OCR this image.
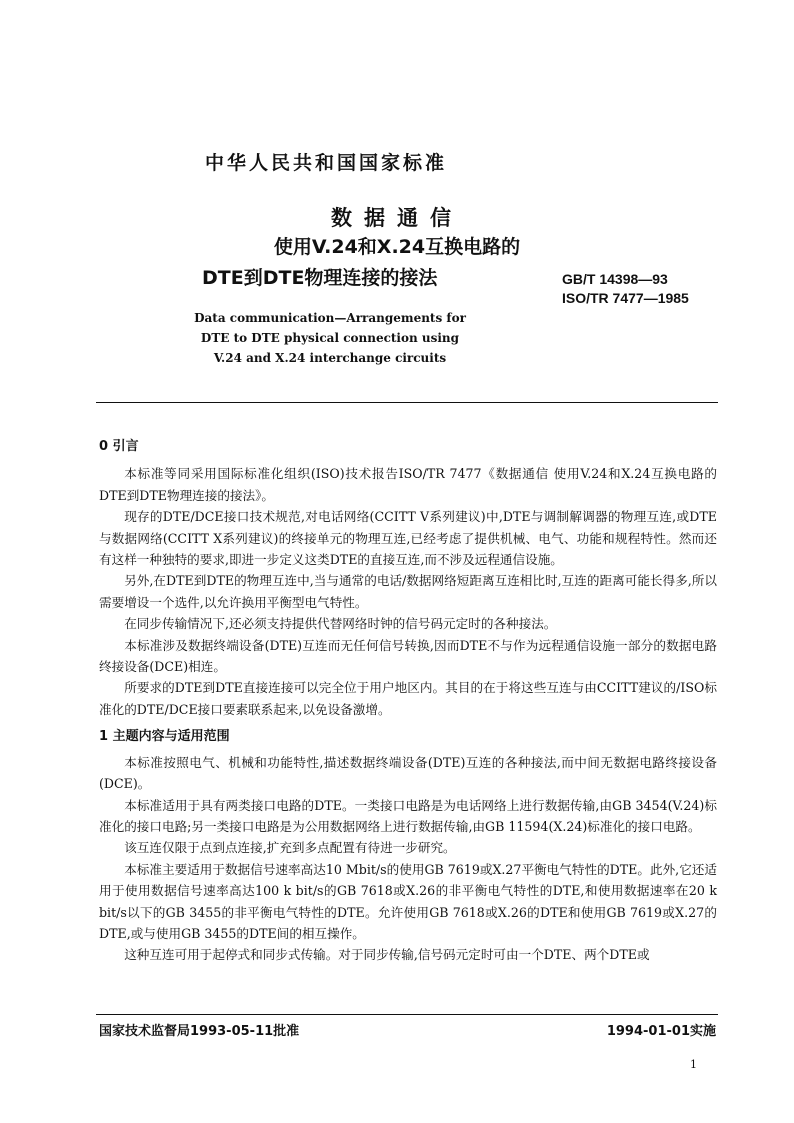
中华人民共和国国家标准
数据通信
使用V.24和X.24互换电路的
DTE到DTE物理连接的接法	GB/T 14398—93
ISO/TR 7477—1985
Data communication—Arrangements for
DTE to DTE physical connection using
V.24 and X.24 interchange circuits
0 引言

本标准等同采用国际标准化组织(ISO)技术报告ISO/TR 7477《数据通信 使用V.24和X.24互换电路的DTE到DTE物理连接的接法》。

现存的DTE/DCE接口技术规范,对电话网络(CCITT V系列建议)中,DTE与调制解调器的物理互连,或DTE与数据网络(CCITT X系列建议)的终接单元的物理互连,已经考虑了提供机械、电气、功能和规程特性。然而还有这样一种独特的要求,即进一步定义这类DTE的直接互连,而不涉及远程通信设施。

另外,在DTE到DTE的物理互连中,当与通常的电话/数据网络短距离互连相比时,互连的距离可能长得多,所以需要增设一个选件,以允许换用平衡型电气特性。

在同步传输情况下,还必须支持提供代替网络时钟的信号码元定时的各种接法。

本标准涉及数据终端设备(DTE)互连而无任何信号转换,因而DTE不与作为远程通信设施一部分的数据电路终接设备(DCE)相连。

所要求的DTE到DTE直接连接可以完全位于用户地区内。其目的在于将这些互连与由CCITT建议的/ISO标准化的DTE/DCE接口要素联系起来,以免设备激增。

1 主题内容与适用范围

本标准按照电气、机械和功能特性,描述数据终端设备(DTE)互连的各种接法,而中间无数据电路终接设备(DCE)。

本标准适用于具有两类接口电路的DTE。一类接口电路是为电话网络上进行数据传输,由GB 3454(V.24)标准化的接口电路;另一类接口电路是为公用数据网络上进行数据传输,由GB 11594(X.24)标准化的接口电路。

该互连仅限于点到点连接,扩充到多点配置有待进一步研究。

本标准主要适用于数据信号速率高达10 Mbit/s的使用GB 7619或X.27平衡电气特性的DTE。此外,它还适用于使用数据信号速率高达100 k bit/s的GB 7618或X.26的非平衡电气特性的DTE,和使用数据速率在20 k bit/s以下的GB 3455的非平衡电气特性的DTE。允许使用GB 7618或X.26的DTE和使用GB 7619或X.27的DTE,或与使用GB 3455的DTE间的相互操作。

这种互连可用于起停式和同步式传输。对于同步传输,信号码元定时可由一个DTE、两个DTE或

国家技术监督局1993-05-11批准	1994-01-01实施
1
